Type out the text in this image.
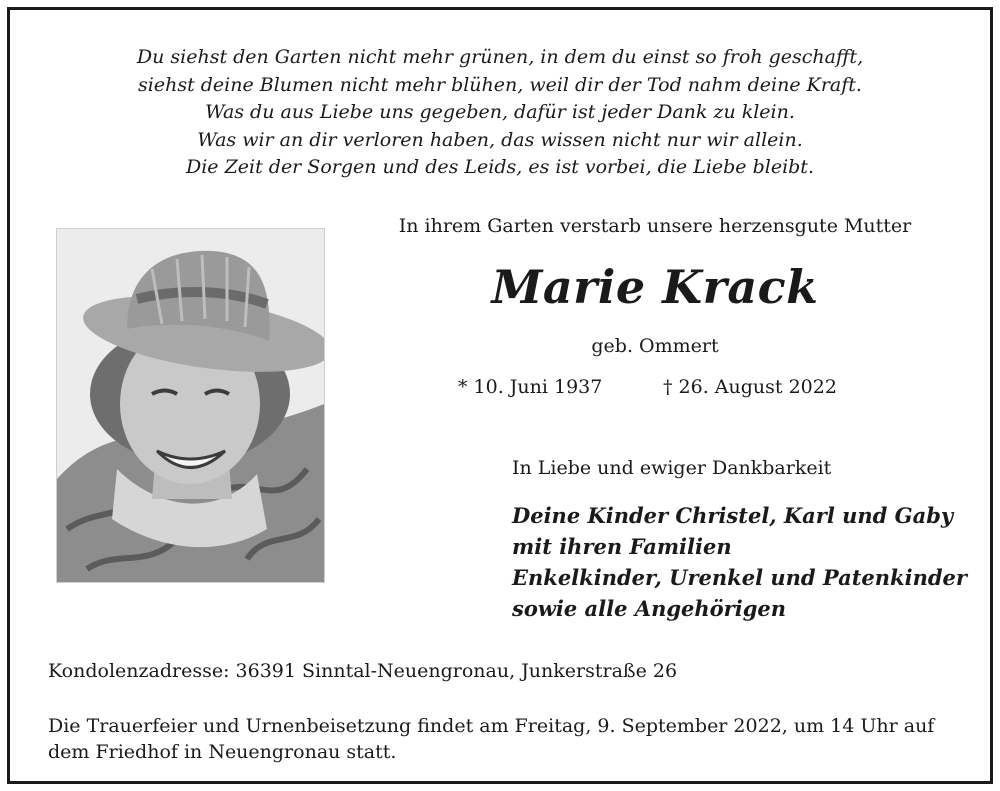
Du siehst den Garten nicht mehr grünen, in dem du einst so froh geschafft,
siehst deine Blumen nicht mehr blühen, weil dir der Tod nahm deine Kraft.
Was du aus Liebe uns gegeben, dafür ist jeder Dank zu klein.
Was wir an dir verloren haben, das wissen nicht nur wir allein.
Die Zeit der Sorgen und des Leids, es ist vorbei, die Liebe bleibt.

In ihrem Garten verstarb unsere herzensgute Mutter

Marie Krack

geb. Ommert

* 10. Juni 1937	† 26. August 2022

In Liebe und ewiger Dankbarkeit

Deine Kinder Christel, Karl und Gaby
mit ihren Familien
Enkelkinder, Urenkel und Patenkinder
sowie alle Angehörigen

Kondolenzadresse: 36391 Sinntal-Neuengronau, Junkerstraße 26

Die Trauerfeier und Urnenbeisetzung findet am Freitag, 9. September 2022, um 14 Uhr auf dem Friedhof in Neuengronau statt.
